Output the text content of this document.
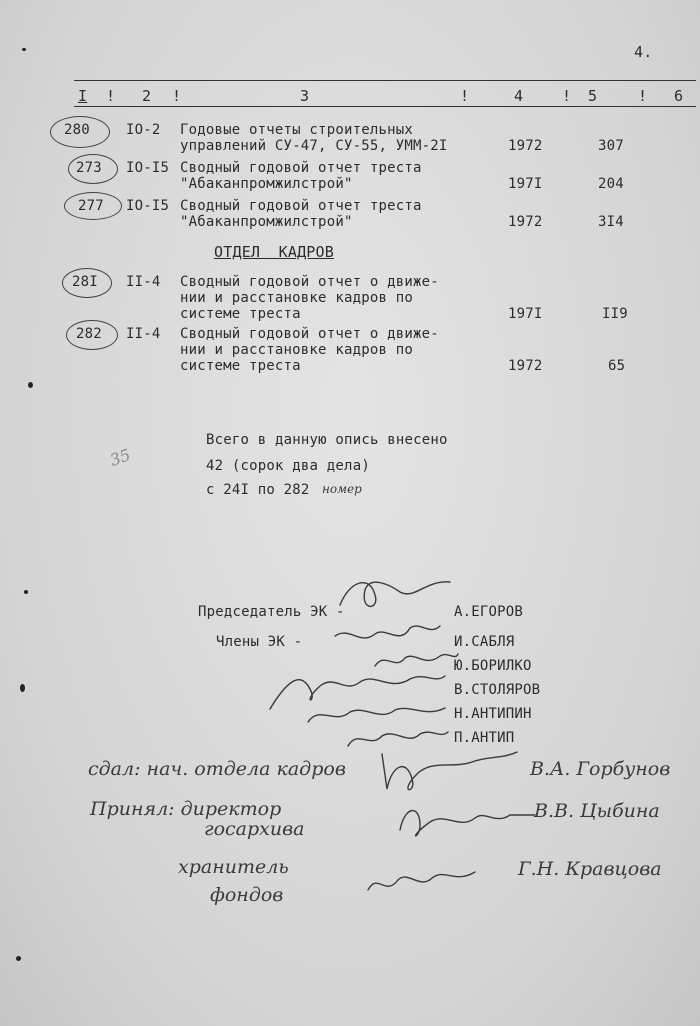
4.
I ! 2 !	3	!	4	! 5	! 6
280	IO-2 Годовые отчеты строительных
управлений СУ-47, СУ-55, УММ-2I	1972	307
273 IO-I5 Сводный годовой отчет треста
"Абаканпромжилстрой"	197I	204
277 IO-I5 Сводный годовой отчет треста
"Абаканпромжилстрой"	1972	3I4
ОТДЕЛ  КАДРОВ
28I II-4 Сводный годовой отчет о движе-
нии и расстановке кадров по
системе треста	197I	II9
282 II-4 Сводный годовой отчет о движе-
нии и расстановке кадров по
системе треста	1972	65
35
Всего в данную опись внесено
42 (сорок два дела)
с 24I по 282 номер
Председатель ЭК -	А.ЕГОРОВ
Члены ЭК -	И.САБЛЯ
Ю.БОРИЛКО
В.СТОЛЯРОВ
Н.АНТИПИН
П.АНТИП
сдал: нач. отдела кадров	В.А. Горбунов
Принял: директор
госархива
В.В. Цыбина
хранитель
фондов
Г.Н. Кравцова
